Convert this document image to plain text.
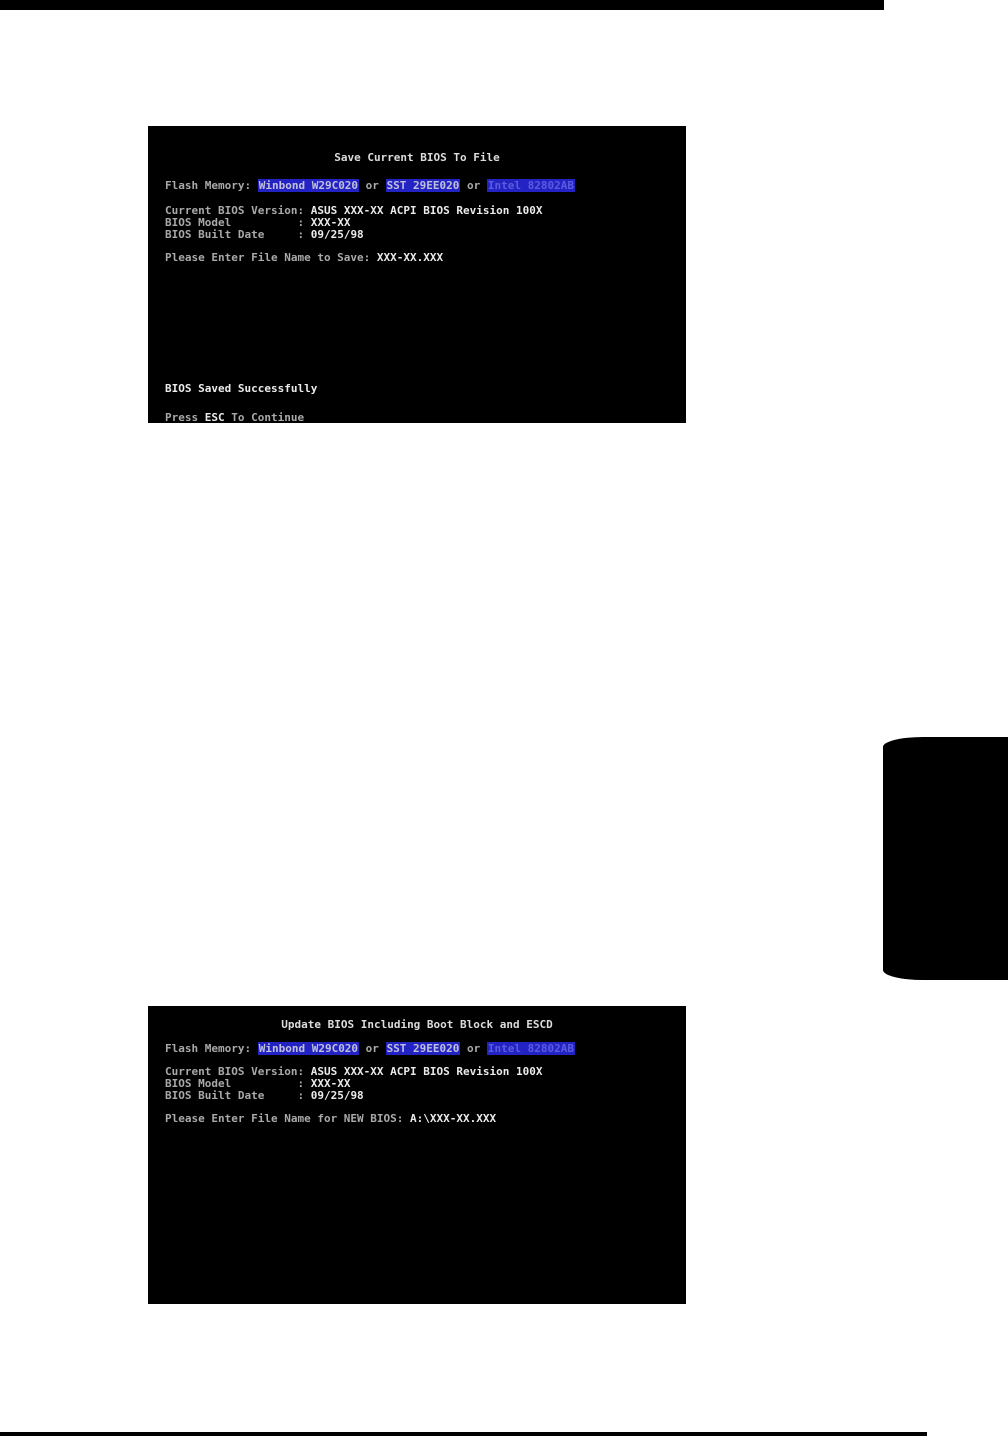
Save Current BIOS To File
Flash Memory: Winbond W29C020 or SST 29EE020 or Intel 82802AB
Current BIOS Version: ASUS XXX-XX ACPI BIOS Revision 100X
BIOS Model          : XXX-XX
BIOS Built Date     : 09/25/98
Please Enter File Name to Save: XXX-XX.XXX
BIOS Saved Successfully
Press ESC To Continue
Update BIOS Including Boot Block and ESCD
Flash Memory: Winbond W29C020 or SST 29EE020 or Intel 82802AB
Current BIOS Version: ASUS XXX-XX ACPI BIOS Revision 100X
BIOS Model          : XXX-XX
BIOS Built Date     : 09/25/98
Please Enter File Name for NEW BIOS: A:\XXX-XX.XXX
